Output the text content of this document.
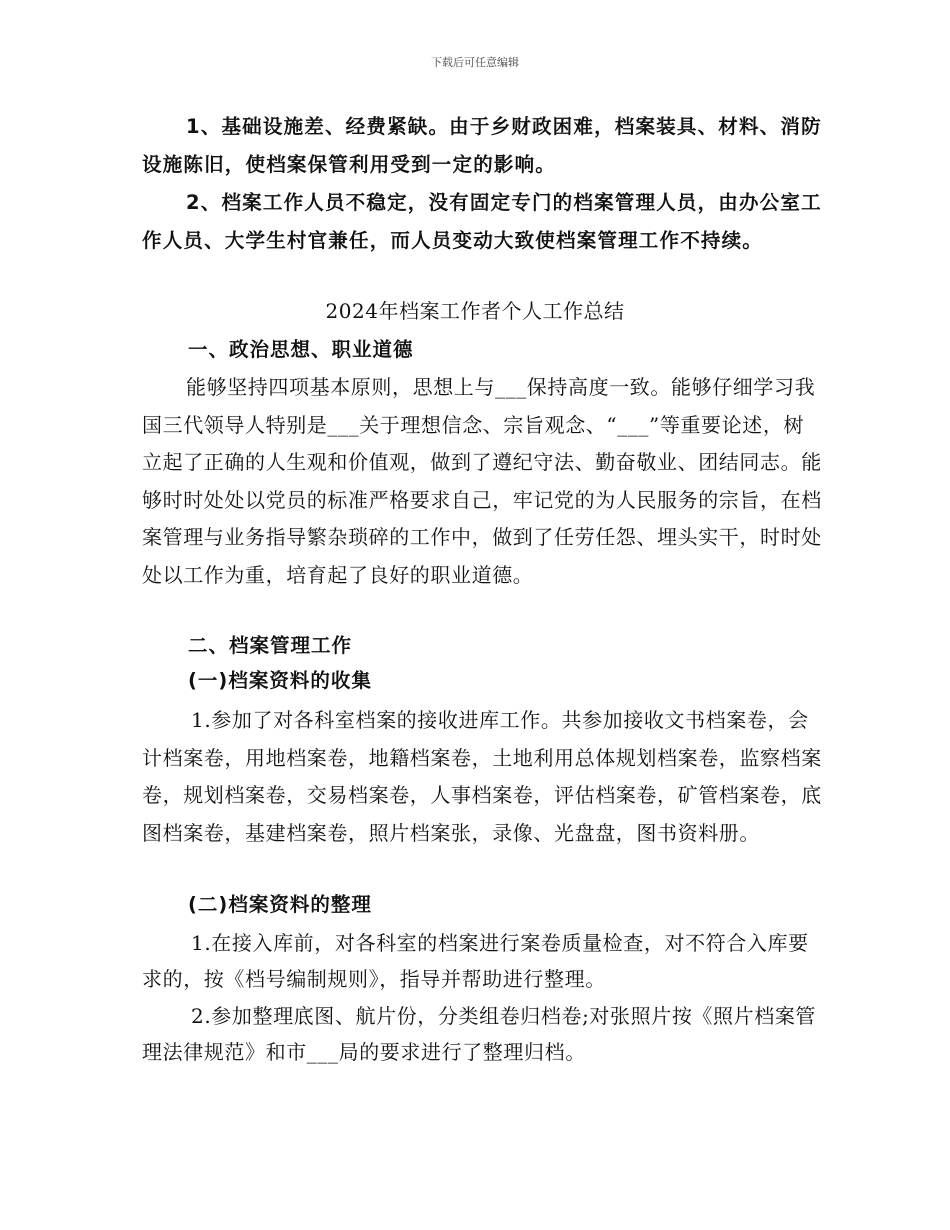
下载后可任意编辑

1、基础设施差、经费紧缺。由于乡财政困难，档案装具、材料、消防设施陈旧，使档案保管利用受到一定的影响。

2、档案工作人员不稳定，没有固定专门的档案管理人员，由办公室工作人员、大学生村官兼任，而人员变动大致使档案管理工作不持续。

2024年档案工作者个人工作总结
一、政治思想、职业道德

能够坚持四项基本原则，思想上与___保持高度一致。能够仔细学习我国三代领导人特别是___关于理想信念、宗旨观念、“___”等重要论述，树立起了正确的人生观和价值观，做到了遵纪守法、勤奋敬业、团结同志。能够时时处处以党员的标准严格要求自己，牢记党的为人民服务的宗旨，在档案管理与业务指导繁杂琐碎的工作中，做到了任劳任怨、埋头实干，时时处处以工作为重，培育起了良好的职业道德。

二、档案管理工作
(一)档案资料的收集

1.参加了对各科室档案的接收进库工作。共参加接收文书档案卷，会计档案卷，用地档案卷，地籍档案卷，土地利用总体规划档案卷，监察档案卷，规划档案卷，交易档案卷，人事档案卷，评估档案卷，矿管档案卷，底图档案卷，基建档案卷，照片档案张，录像、光盘盘，图书资料册。

(二)档案资料的整理

1.在接入库前，对各科室的档案进行案卷质量检查，对不符合入库要求的，按《档号编制规则》，指导并帮助进行整理。

2.参加整理底图、航片份，分类组卷归档卷;对张照片按《照片档案管理法律规范》和市___局的要求进行了整理归档。
